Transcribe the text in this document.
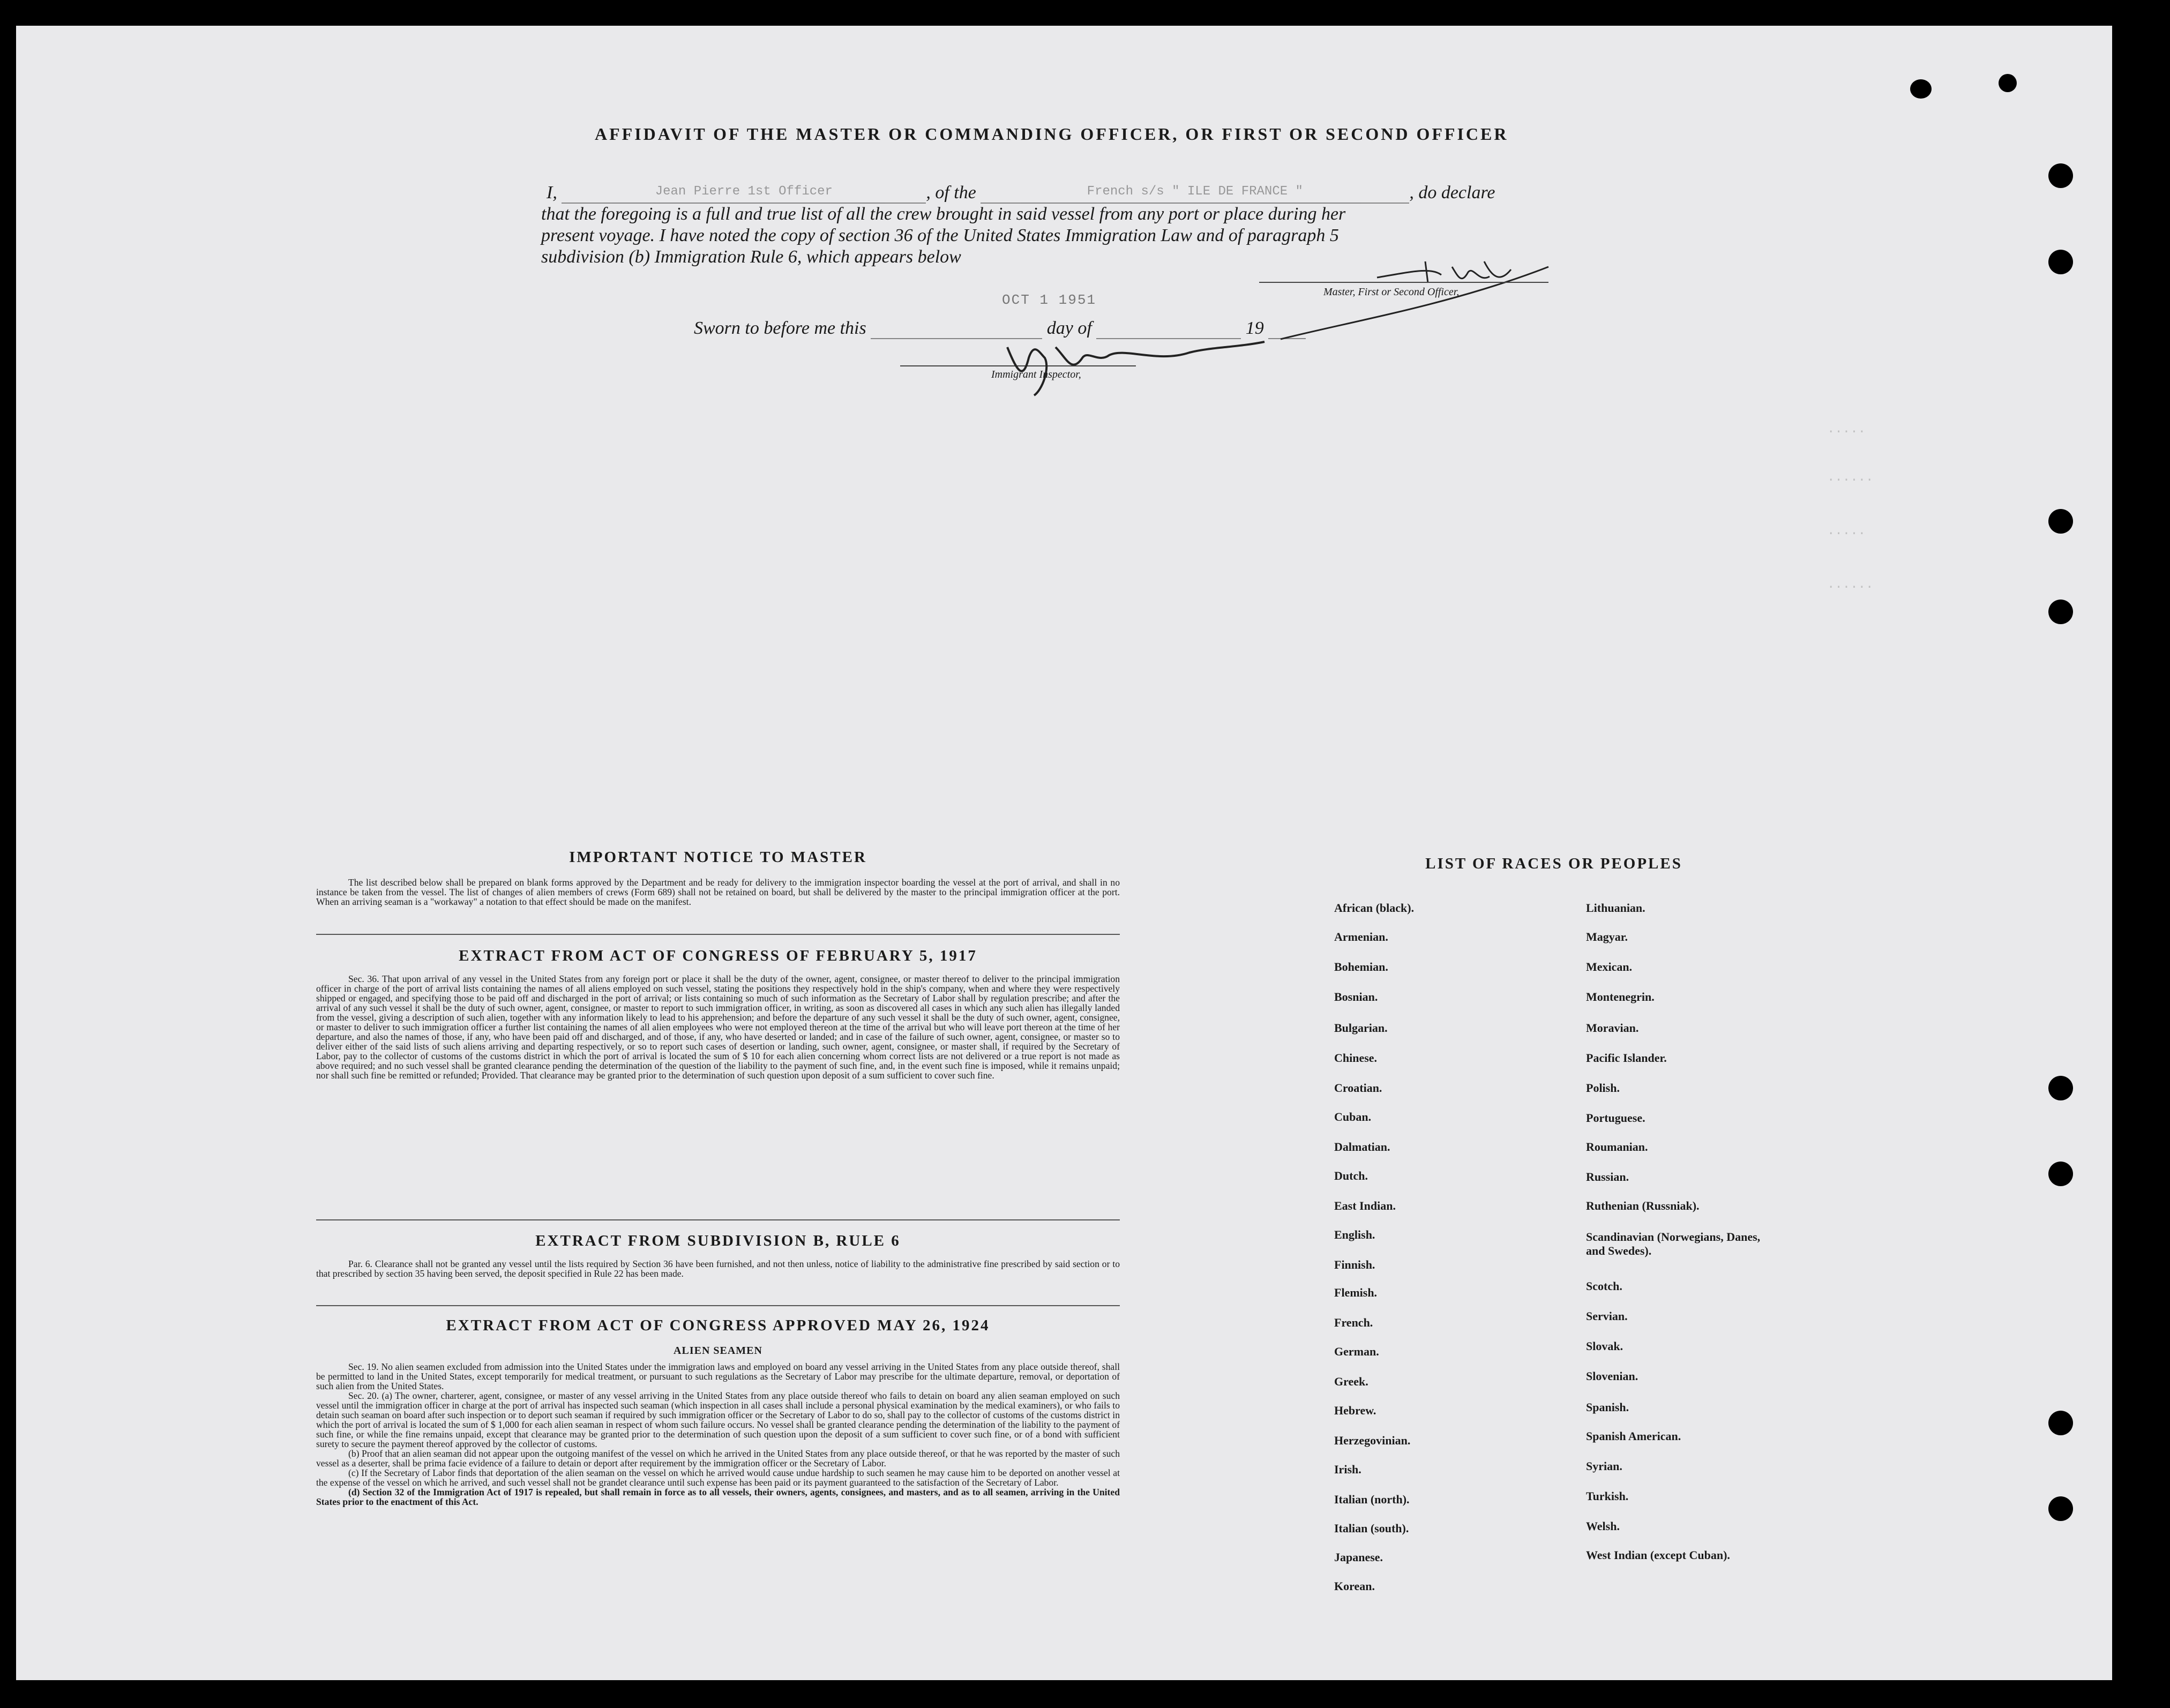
AFFIDAVIT OF THE MASTER OR COMMANDING OFFICER, OR FIRST OR SECOND OFFICER
I,	Jean Pierre 1st Officer	, of the	French s/s " ILE DE FRANCE "	, do declare
that the foregoing is a full and true list of all the crew brought in said vessel from any port or place during her
present voyage. I have noted the copy of section 36 of the United States Immigration Law and of paragraph 5
subdivision (b) Immigration Rule 6, which appears below
Master, First or Second Officer,
OCT 1 1951
Sworn to before me this	day of	19
Immigrant Inspector,
.....
......
.....
......
IMPORTANT NOTICE TO MASTER

The list described below shall be prepared on blank forms approved by the Department and be ready for delivery to the immigration inspector boarding the vessel at the port of arrival, and shall in no instance be taken from the vessel. The list of changes of alien members of crews (Form 689) shall not be retained on board, but shall be delivered by the master to the principal immigration officer at the port. When an arriving seaman is a "workaway" a notation to that effect should be made on the manifest.

EXTRACT FROM ACT OF CONGRESS OF FEBRUARY 5, 1917

Sec. 36. That upon arrival of any vessel in the United States from any foreign port or place it shall be the duty of the owner, agent, consignee, or master thereof to deliver to the principal immigration officer in charge of the port of arrival lists containing the names of all aliens employed on such vessel, stating the positions they respectively hold in the ship's company, when and where they were respectively shipped or engaged, and specifying those to be paid off and discharged in the port of arrival; or lists containing so much of such information as the Secretary of Labor shall by regulation prescribe; and after the arrival of any such vessel it shall be the duty of such owner, agent, consignee, or master to report to such immigration officer, in writing, as soon as discovered all cases in which any such alien has illegally landed from the vessel, giving a description of such alien, together with any information likely to lead to his apprehension; and before the departure of any such vessel it shall be the duty of such owner, agent, consignee, or master to deliver to such immigration officer a further list containing the names of all alien employees who were not employed thereon at the time of the arrival but who will leave port thereon at the time of her departure, and also the names of those, if any, who have been paid off and discharged, and of those, if any, who have deserted or landed; and in case of the failure of such owner, agent, consignee, or master so to deliver either of the said lists of such aliens arriving and departing respectively, or so to report such cases of desertion or landing, such owner, agent, consignee, or master shall, if required by the Secretary of Labor, pay to the collector of customs of the customs district in which the port of arrival is located the sum of $ 10 for each alien concerning whom correct lists are not delivered or a true report is not made as above required; and no such vessel shall be granted clearance pending the determination of the question of the liability to the payment of such fine, and, in the event such fine is imposed, while it remains unpaid; nor shall such fine be remitted or refunded; Provided. That clearance may be granted prior to the determination of such question upon deposit of a sum sufficient to cover such fine.

EXTRACT FROM SUBDIVISION B, RULE 6

Par. 6. Clearance shall not be granted any vessel until the lists required by Section 36 have been furnished, and not then unless, notice of liability to the administrative fine prescribed by said section or to that prescribed by section 35 having been served, the deposit specified in Rule 22 has been made.

EXTRACT FROM ACT OF CONGRESS APPROVED MAY 26, 1924
ALIEN SEAMEN

Sec. 19. No alien seamen excluded from admission into the United States under the immigration laws and employed on board any vessel arriving in the United States from any place outside thereof, shall be permitted to land in the United States, except temporarily for medical treatment, or pursuant to such regulations as the Secretary of Labor may prescribe for the ultimate departure, removal, or deportation of such alien from the United States.

Sec. 20. (a) The owner, charterer, agent, consignee, or master of any vessel arriving in the United States from any place outside thereof who fails to detain on board any alien seaman employed on such vessel until the immigration officer in charge at the port of arrival has inspected such seaman (which inspection in all cases shall include a personal physical examination by the medical examiners), or who fails to detain such seaman on board after such inspection or to deport such seaman if required by such immigration officer or the Secretary of Labor to do so, shall pay to the collector of customs of the customs district in which the port of arrival is located the sum of $ 1,000 for each alien seaman in respect of whom such failure occurs. No vessel shall be granted clearance pending the determination of the liability to the payment of such fine, or while the fine remains unpaid, except that clearance may be granted prior to the determination of such question upon the deposit of a sum sufficient to cover such fine, or of a bond with sufficient surety to secure the payment thereof approved by the collector of customs.

(b) Proof that an alien seaman did not appear upon the outgoing manifest of the vessel on which he arrived in the United States from any place outside thereof, or that he was reported by the master of such vessel as a deserter, shall be prima facie evidence of a failure to detain or deport after requirement by the immigration officer or the Secretary of Labor.

(c) If the Secretary of Labor finds that deportation of the alien seaman on the vessel on which he arrived would cause undue hardship to such seamen he may cause him to be deported on another vessel at the expense of the vessel on which he arrived, and such vessel shall not be grandet clearance until such expense has been paid or its payment guaranteed to the satisfaction of the Secretary of Labor.

(d) Section 32 of the Immigration Act of 1917 is repealed, but shall remain in force as to all vessels, their owners, agents, consignees, and masters, and as to all seamen, arriving in the United States prior to the enactment of this Act.

LIST OF RACES OR PEOPLES
African (black).
Armenian.
Bohemian.
Bosnian.
Bulgarian.
Chinese.
Croatian.
Cuban.
Dalmatian.
Dutch.
East Indian.
English.
Finnish.
Flemish.
French.
German.
Greek.
Hebrew.
Herzegovinian.
Irish.
Italian (north).
Italian (south).
Japanese.
Korean.
Lithuanian.
Magyar.
Mexican.
Montenegrin.
Moravian.
Pacific Islander.
Polish.
Portuguese.
Roumanian.
Russian.
Ruthenian (Russniak).
Scandinavian (Norwegians, Danes, and Swedes).
Scotch.
Servian.
Slovak.
Slovenian.
Spanish.
Spanish American.
Syrian.
Turkish.
Welsh.
West Indian (except Cuban).
